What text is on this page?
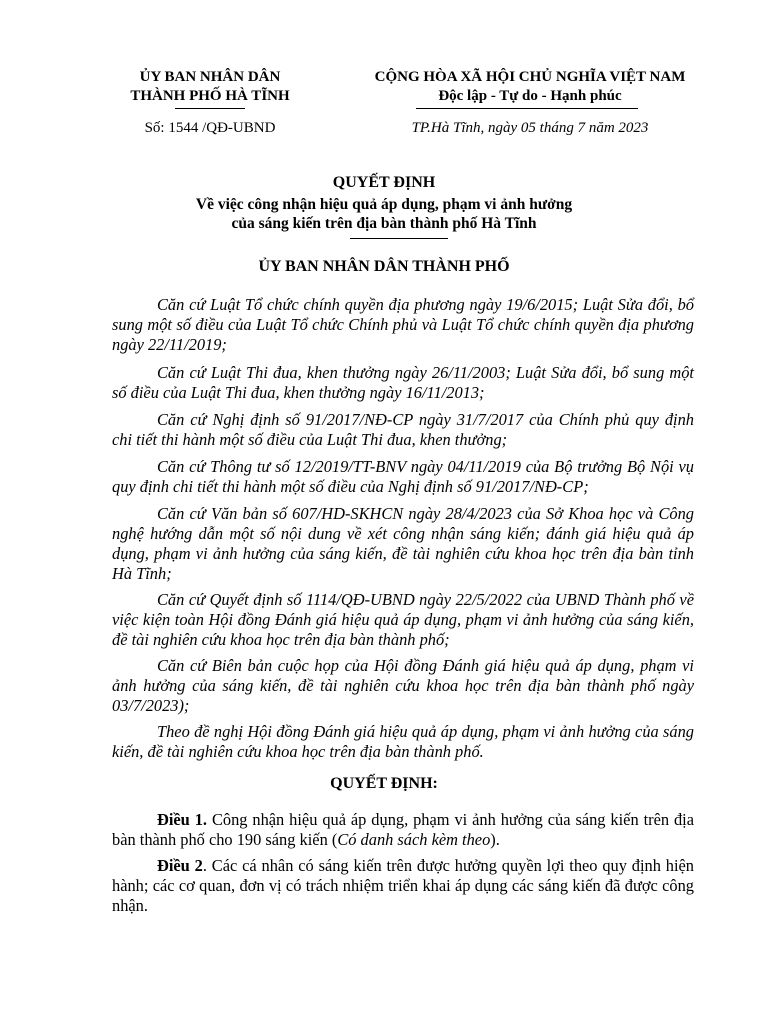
ỦY BAN NHÂN DÂN
THÀNH PHỐ HÀ TĨNH
Số: 1544 /QĐ-UBND
CỘNG HÒA XÃ HỘI CHỦ NGHĨA VIỆT NAM
Độc lập - Tự do - Hạnh phúc
TP.Hà Tĩnh, ngày 05 tháng 7 năm 2023
QUYẾT ĐỊNH
Về việc công nhận hiệu quả áp dụng, phạm vi ảnh hưởng
của sáng kiến trên địa bàn thành phố Hà Tĩnh
ỦY BAN NHÂN DÂN THÀNH PHỐ
Căn cứ Luật Tổ chức chính quyền địa phương ngày 19/6/2015; Luật Sửa đổi, bổ sung một số điều của Luật Tổ chức Chính phủ và Luật Tổ chức chính quyền địa phương ngày 22/11/2019;
Căn cứ Luật Thi đua, khen thưởng ngày 26/11/2003; Luật Sửa đổi, bổ sung một số điều của Luật Thi đua, khen thưởng ngày 16/11/2013;
Căn cứ Nghị định số 91/2017/NĐ-CP ngày 31/7/2017 của Chính phủ quy định chi tiết thi hành một số điều của Luật Thi đua, khen thưởng;
Căn cứ Thông tư số 12/2019/TT-BNV ngày 04/11/2019 của Bộ trưởng Bộ Nội vụ quy định chi tiết thi hành một số điều của Nghị định số 91/2017/NĐ-CP;
Căn cứ Văn bản số 607/HD-SKHCN ngày 28/4/2023 của Sở Khoa học và Công nghệ hướng dẫn một số nội dung về xét công nhận sáng kiến; đánh giá hiệu quả áp dụng, phạm vi ảnh hưởng của sáng kiến, đề tài nghiên cứu khoa học trên địa bàn tỉnh Hà Tĩnh;
Căn cứ Quyết định số 1114/QĐ-UBND ngày 22/5/2022 của UBND Thành phố về việc kiện toàn Hội đồng Đánh giá hiệu quả áp dụng, phạm vi ảnh hưởng của sáng kiến, đề tài nghiên cứu khoa học trên địa bàn thành phố;
Căn cứ Biên bản cuộc họp của Hội đồng Đánh giá hiệu quả áp dụng, phạm vi ảnh hưởng của sáng kiến, đề tài nghiên cứu khoa học trên địa bàn thành phố ngày 03/7/2023);
Theo đề nghị Hội đồng Đánh giá hiệu quả áp dụng, phạm vi ảnh hưởng của sáng kiến, đề tài nghiên cứu khoa học trên địa bàn thành phố.
QUYẾT ĐỊNH:
Điều 1. Công nhận hiệu quả áp dụng, phạm vi ảnh hưởng của sáng kiến trên địa bàn thành phố cho 190 sáng kiến (Có danh sách kèm theo).
Điều 2. Các cá nhân có sáng kiến trên được hưởng quyền lợi theo quy định hiện hành; các cơ quan, đơn vị có trách nhiệm triển khai áp dụng các sáng kiến đã được công nhận.
